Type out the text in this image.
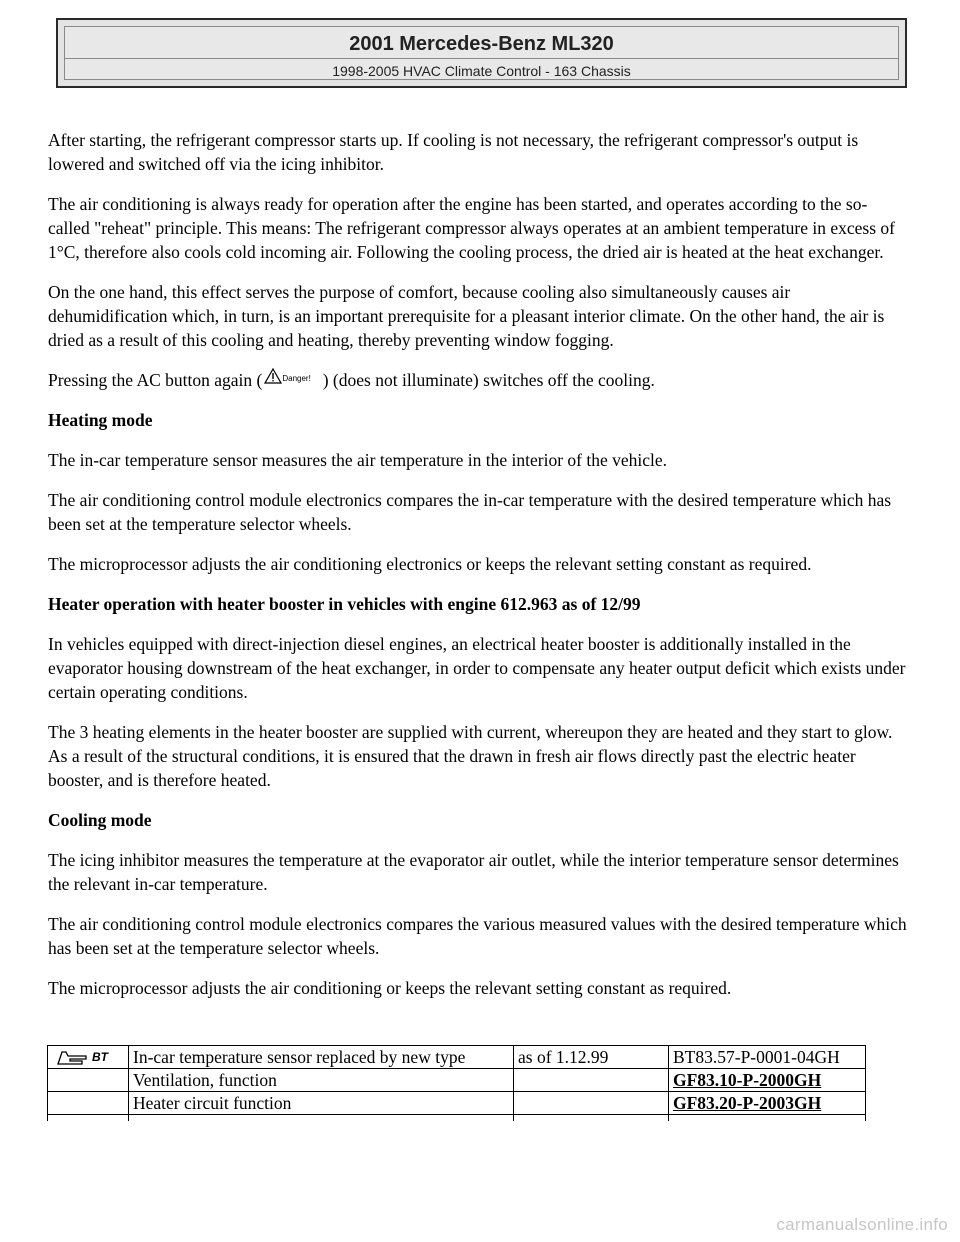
2001 Mercedes-Benz ML320
1998-2005 HVAC Climate Control - 163 Chassis

After starting, the refrigerant compressor starts up. If cooling is not necessary, the refrigerant compressor's output is lowered and switched off via the icing inhibitor.

The air conditioning is always ready for operation after the engine has been started, and operates according to the so-called "reheat" principle. This means: The refrigerant compressor always operates at an ambient temperature in excess of 1°C, therefore also cools cold incoming air. Following the cooling process, the dried air is heated at the heat exchanger.

On the one hand, this effect serves the purpose of comfort, because cooling also simultaneously causes air dehumidification which, in turn, is an important prerequisite for a pleasant interior climate. On the other hand, the air is dried as a result of this cooling and heating, thereby preventing window fogging.

Pressing the AC button again (	Danger! ) (does not illuminate) switches off the cooling.

Heating mode

The in-car temperature sensor measures the air temperature in the interior of the vehicle.

The air conditioning control module electronics compares the in-car temperature with the desired temperature which has been set at the temperature selector wheels.

The microprocessor adjusts the air conditioning electronics or keeps the relevant setting constant as required.

Heater operation with heater booster in vehicles with engine 612.963 as of 12/99

In vehicles equipped with direct-injection diesel engines, an electrical heater booster is additionally installed in the evaporator housing downstream of the heat exchanger, in order to compensate any heater output deficit which exists under certain operating conditions.

The 3 heating elements in the heater booster are supplied with current, whereupon they are heated and they start to glow. As a result of the structural conditions, it is ensured that the drawn in fresh air flows directly past the electric heater booster, and is therefore heated.

Cooling mode

The icing inhibitor measures the temperature at the evaporator air outlet, while the interior temperature sensor determines the relevant in-car temperature.

The air conditioning control module electronics compares the various measured values with the desired temperature which has been set at the temperature selector wheels.

The microprocessor adjusts the air conditioning or keeps the relevant setting constant as required.

BT	In-car temperature sensor replaced by new type	as of 1.12.99	BT83.57-P-0001-04GH
	Ventilation, function		GF83.10-P-2000GH
	Heater circuit function		GF83.20-P-2003GH

carmanualsonline.info
